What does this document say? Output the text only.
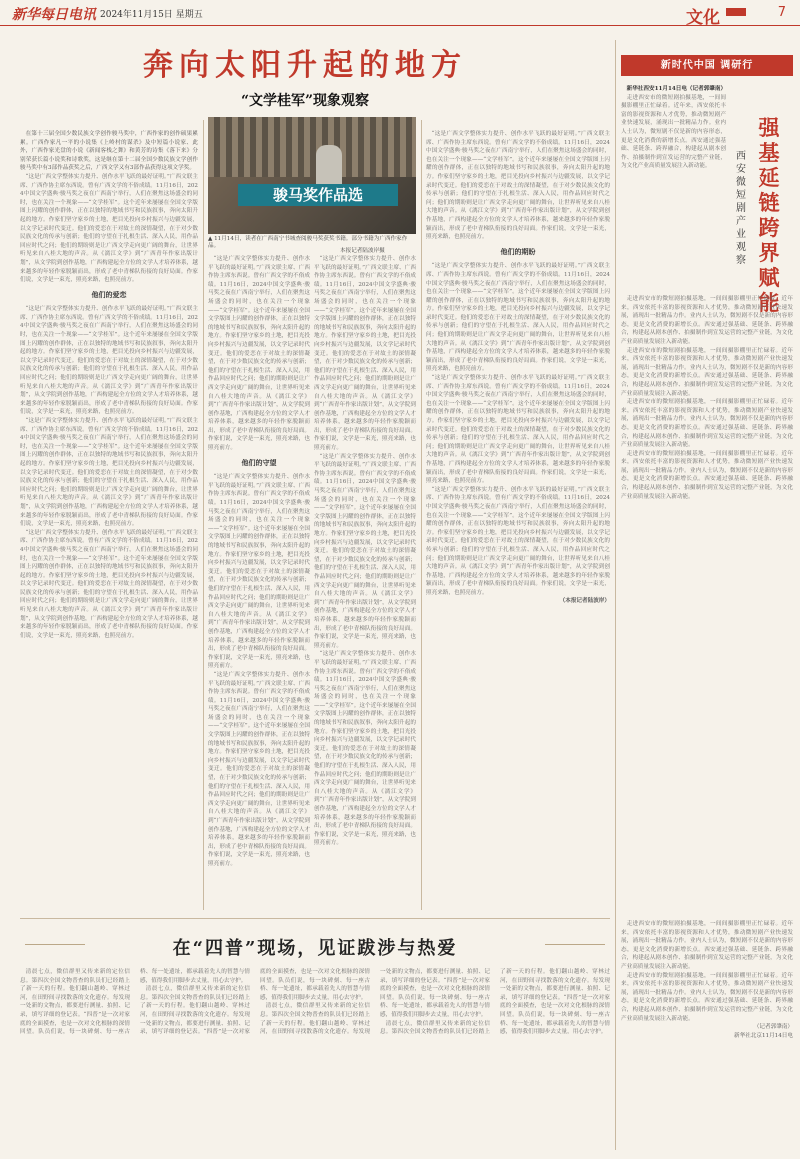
新华每日电讯 2024年11月15日 星期五	文化	7
奔向太阳升起的地方
“文学桂军”现象观察

在第十三届全国少数民族文学创作骏马奖中，广西作家的创作硕果累累。广西作家凡一平的小说集《上岭村的谋杀》及中短篇小说家、此外，广西作家光盘的小说《新闻客栈之舞》和黄芳的诗集《落下来》分别荣获长篇小说奖和诗歌奖，这是继在第十二届全国少数民族文学创作骏马奖中有3部作品获奖之后，广西文学又有3部作品获得这项文学奖。

“这是广西文学整体实力提升、创作水平飞跃的最好证明。”广西文联主席、广西作协主席东西说。曾有广西文学的不俗成绩。11月16日，2024中国文学盛典·骏马奖之夜在广西南宁举行，人们在聚焦这场盛会的同时，也在关注一个现象——“文学桂军”。这个近年来屡屡在全国文学版图上闪耀的创作群体，正在以独特的地域书写和民族叙事，奔向太阳升起的地方。作家们坚守家乡的土地，把目光投向乡村振兴与边疆发展，以文学记录时代变迁。他们的爱恋在于对故土的深情凝望，在于对少数民族文化的传承与创新；他们的守望在于扎根生活、深入人民，用作品回应时代之问；他们的期盼则是让广西文学走向更广阔的舞台，让世界听见来自八桂大地的声音。从《漓江文学》到“广西青年作家出版计划”，从文学院到创作基地，广西构建起全方位的文学人才培养体系，越来越多的年轻作家脱颖而出，形成了老中青梯队衔接的良好局面。作家们说，文学是一束光，照亮来路，也照亮前方。

他们的爱恋

“这是广西文学整体实力提升、创作水平飞跃的最好证明。”广西文联主席、广西作协主席东西说。曾有广西文学的不俗成绩。11月16日，2024中国文学盛典·骏马奖之夜在广西南宁举行，人们在聚焦这场盛会的同时，也在关注一个现象——“文学桂军”。这个近年来屡屡在全国文学版图上闪耀的创作群体，正在以独特的地域书写和民族叙事，奔向太阳升起的地方。作家们坚守家乡的土地，把目光投向乡村振兴与边疆发展，以文学记录时代变迁。他们的爱恋在于对故土的深情凝望，在于对少数民族文化的传承与创新；他们的守望在于扎根生活、深入人民，用作品回应时代之问；他们的期盼则是让广西文学走向更广阔的舞台，让世界听见来自八桂大地的声音。从《漓江文学》到“广西青年作家出版计划”，从文学院到创作基地，广西构建起全方位的文学人才培养体系，越来越多的年轻作家脱颖而出，形成了老中青梯队衔接的良好局面。作家们说，文学是一束光，照亮来路，也照亮前方。

“这是广西文学整体实力提升、创作水平飞跃的最好证明。”广西文联主席、广西作协主席东西说。曾有广西文学的不俗成绩。11月16日，2024中国文学盛典·骏马奖之夜在广西南宁举行，人们在聚焦这场盛会的同时，也在关注一个现象——“文学桂军”。这个近年来屡屡在全国文学版图上闪耀的创作群体，正在以独特的地域书写和民族叙事，奔向太阳升起的地方。作家们坚守家乡的土地，把目光投向乡村振兴与边疆发展，以文学记录时代变迁。他们的爱恋在于对故土的深情凝望，在于对少数民族文化的传承与创新；他们的守望在于扎根生活、深入人民，用作品回应时代之问；他们的期盼则是让广西文学走向更广阔的舞台，让世界听见来自八桂大地的声音。从《漓江文学》到“广西青年作家出版计划”，从文学院到创作基地，广西构建起全方位的文学人才培养体系，越来越多的年轻作家脱颖而出，形成了老中青梯队衔接的良好局面。作家们说，文学是一束光，照亮来路，也照亮前方。

“这是广西文学整体实力提升、创作水平飞跃的最好证明。”广西文联主席、广西作协主席东西说。曾有广西文学的不俗成绩。11月16日，2024中国文学盛典·骏马奖之夜在广西南宁举行，人们在聚焦这场盛会的同时，也在关注一个现象——“文学桂军”。这个近年来屡屡在全国文学版图上闪耀的创作群体，正在以独特的地域书写和民族叙事，奔向太阳升起的地方。作家们坚守家乡的土地，把目光投向乡村振兴与边疆发展，以文学记录时代变迁。他们的爱恋在于对故土的深情凝望，在于对少数民族文化的传承与创新；他们的守望在于扎根生活、深入人民，用作品回应时代之问；他们的期盼则是让广西文学走向更广阔的舞台，让世界听见来自八桂大地的声音。从《漓江文学》到“广西青年作家出版计划”，从文学院到创作基地，广西构建起全方位的文学人才培养体系，越来越多的年轻作家脱颖而出，形成了老中青梯队衔接的良好局面。作家们说，文学是一束光，照亮来路，也照亮前方。

骏马奖作品选
▲ 11月14日，读者在广西南宁书城查阅骏马奖获奖书籍。部分书籍为广西作家作品。
本报记者陆波岸摄

“这是广西文学整体实力提升、创作水平飞跃的最好证明。”广西文联主席、广西作协主席东西说。曾有广西文学的不俗成绩。11月16日，2024中国文学盛典·骏马奖之夜在广西南宁举行，人们在聚焦这场盛会的同时，也在关注一个现象——“文学桂军”。这个近年来屡屡在全国文学版图上闪耀的创作群体，正在以独特的地域书写和民族叙事，奔向太阳升起的地方。作家们坚守家乡的土地，把目光投向乡村振兴与边疆发展，以文学记录时代变迁。他们的爱恋在于对故土的深情凝望，在于对少数民族文化的传承与创新；他们的守望在于扎根生活、深入人民，用作品回应时代之问；他们的期盼则是让广西文学走向更广阔的舞台，让世界听见来自八桂大地的声音。从《漓江文学》到“广西青年作家出版计划”，从文学院到创作基地，广西构建起全方位的文学人才培养体系，越来越多的年轻作家脱颖而出，形成了老中青梯队衔接的良好局面。作家们说，文学是一束光，照亮来路，也照亮前方。

他们的守望

“这是广西文学整体实力提升、创作水平飞跃的最好证明。”广西文联主席、广西作协主席东西说。曾有广西文学的不俗成绩。11月16日，2024中国文学盛典·骏马奖之夜在广西南宁举行，人们在聚焦这场盛会的同时，也在关注一个现象——“文学桂军”。这个近年来屡屡在全国文学版图上闪耀的创作群体，正在以独特的地域书写和民族叙事，奔向太阳升起的地方。作家们坚守家乡的土地，把目光投向乡村振兴与边疆发展，以文学记录时代变迁。他们的爱恋在于对故土的深情凝望，在于对少数民族文化的传承与创新；他们的守望在于扎根生活、深入人民，用作品回应时代之问；他们的期盼则是让广西文学走向更广阔的舞台，让世界听见来自八桂大地的声音。从《漓江文学》到“广西青年作家出版计划”，从文学院到创作基地，广西构建起全方位的文学人才培养体系，越来越多的年轻作家脱颖而出，形成了老中青梯队衔接的良好局面。作家们说，文学是一束光，照亮来路，也照亮前方。

“这是广西文学整体实力提升、创作水平飞跃的最好证明。”广西文联主席、广西作协主席东西说。曾有广西文学的不俗成绩。11月16日，2024中国文学盛典·骏马奖之夜在广西南宁举行，人们在聚焦这场盛会的同时，也在关注一个现象——“文学桂军”。这个近年来屡屡在全国文学版图上闪耀的创作群体，正在以独特的地域书写和民族叙事，奔向太阳升起的地方。作家们坚守家乡的土地，把目光投向乡村振兴与边疆发展，以文学记录时代变迁。他们的爱恋在于对故土的深情凝望，在于对少数民族文化的传承与创新；他们的守望在于扎根生活、深入人民，用作品回应时代之问；他们的期盼则是让广西文学走向更广阔的舞台，让世界听见来自八桂大地的声音。从《漓江文学》到“广西青年作家出版计划”，从文学院到创作基地，广西构建起全方位的文学人才培养体系，越来越多的年轻作家脱颖而出，形成了老中青梯队衔接的良好局面。作家们说，文学是一束光，照亮来路，也照亮前方。

“这是广西文学整体实力提升、创作水平飞跃的最好证明。”广西文联主席、广西作协主席东西说。曾有广西文学的不俗成绩。11月16日，2024中国文学盛典·骏马奖之夜在广西南宁举行，人们在聚焦这场盛会的同时，也在关注一个现象——“文学桂军”。这个近年来屡屡在全国文学版图上闪耀的创作群体，正在以独特的地域书写和民族叙事，奔向太阳升起的地方。作家们坚守家乡的土地，把目光投向乡村振兴与边疆发展，以文学记录时代变迁。他们的爱恋在于对故土的深情凝望，在于对少数民族文化的传承与创新；他们的守望在于扎根生活、深入人民，用作品回应时代之问；他们的期盼则是让广西文学走向更广阔的舞台，让世界听见来自八桂大地的声音。从《漓江文学》到“广西青年作家出版计划”，从文学院到创作基地，广西构建起全方位的文学人才培养体系，越来越多的年轻作家脱颖而出，形成了老中青梯队衔接的良好局面。作家们说，文学是一束光，照亮来路，也照亮前方。

“这是广西文学整体实力提升、创作水平飞跃的最好证明。”广西文联主席、广西作协主席东西说。曾有广西文学的不俗成绩。11月16日，2024中国文学盛典·骏马奖之夜在广西南宁举行，人们在聚焦这场盛会的同时，也在关注一个现象——“文学桂军”。这个近年来屡屡在全国文学版图上闪耀的创作群体，正在以独特的地域书写和民族叙事，奔向太阳升起的地方。作家们坚守家乡的土地，把目光投向乡村振兴与边疆发展，以文学记录时代变迁。他们的爱恋在于对故土的深情凝望，在于对少数民族文化的传承与创新；他们的守望在于扎根生活、深入人民，用作品回应时代之问；他们的期盼则是让广西文学走向更广阔的舞台，让世界听见来自八桂大地的声音。从《漓江文学》到“广西青年作家出版计划”，从文学院到创作基地，广西构建起全方位的文学人才培养体系，越来越多的年轻作家脱颖而出，形成了老中青梯队衔接的良好局面。作家们说，文学是一束光，照亮来路，也照亮前方。

“这是广西文学整体实力提升、创作水平飞跃的最好证明。”广西文联主席、广西作协主席东西说。曾有广西文学的不俗成绩。11月16日，2024中国文学盛典·骏马奖之夜在广西南宁举行，人们在聚焦这场盛会的同时，也在关注一个现象——“文学桂军”。这个近年来屡屡在全国文学版图上闪耀的创作群体，正在以独特的地域书写和民族叙事，奔向太阳升起的地方。作家们坚守家乡的土地，把目光投向乡村振兴与边疆发展，以文学记录时代变迁。他们的爱恋在于对故土的深情凝望，在于对少数民族文化的传承与创新；他们的守望在于扎根生活、深入人民，用作品回应时代之问；他们的期盼则是让广西文学走向更广阔的舞台，让世界听见来自八桂大地的声音。从《漓江文学》到“广西青年作家出版计划”，从文学院到创作基地，广西构建起全方位的文学人才培养体系，越来越多的年轻作家脱颖而出，形成了老中青梯队衔接的良好局面。作家们说，文学是一束光，照亮来路，也照亮前方。

“这是广西文学整体实力提升、创作水平飞跃的最好证明。”广西文联主席、广西作协主席东西说。曾有广西文学的不俗成绩。11月16日，2024中国文学盛典·骏马奖之夜在广西南宁举行，人们在聚焦这场盛会的同时，也在关注一个现象——“文学桂军”。这个近年来屡屡在全国文学版图上闪耀的创作群体，正在以独特的地域书写和民族叙事，奔向太阳升起的地方。作家们坚守家乡的土地，把目光投向乡村振兴与边疆发展，以文学记录时代变迁。他们的爱恋在于对故土的深情凝望，在于对少数民族文化的传承与创新；他们的守望在于扎根生活、深入人民，用作品回应时代之问；他们的期盼则是让广西文学走向更广阔的舞台，让世界听见来自八桂大地的声音。从《漓江文学》到“广西青年作家出版计划”，从文学院到创作基地，广西构建起全方位的文学人才培养体系，越来越多的年轻作家脱颖而出，形成了老中青梯队衔接的良好局面。作家们说，文学是一束光，照亮来路，也照亮前方。

他们的期盼

“这是广西文学整体实力提升、创作水平飞跃的最好证明。”广西文联主席、广西作协主席东西说。曾有广西文学的不俗成绩。11月16日，2024中国文学盛典·骏马奖之夜在广西南宁举行，人们在聚焦这场盛会的同时，也在关注一个现象——“文学桂军”。这个近年来屡屡在全国文学版图上闪耀的创作群体，正在以独特的地域书写和民族叙事，奔向太阳升起的地方。作家们坚守家乡的土地，把目光投向乡村振兴与边疆发展，以文学记录时代变迁。他们的爱恋在于对故土的深情凝望，在于对少数民族文化的传承与创新；他们的守望在于扎根生活、深入人民，用作品回应时代之问；他们的期盼则是让广西文学走向更广阔的舞台，让世界听见来自八桂大地的声音。从《漓江文学》到“广西青年作家出版计划”，从文学院到创作基地，广西构建起全方位的文学人才培养体系，越来越多的年轻作家脱颖而出，形成了老中青梯队衔接的良好局面。作家们说，文学是一束光，照亮来路，也照亮前方。

“这是广西文学整体实力提升、创作水平飞跃的最好证明。”广西文联主席、广西作协主席东西说。曾有广西文学的不俗成绩。11月16日，2024中国文学盛典·骏马奖之夜在广西南宁举行，人们在聚焦这场盛会的同时，也在关注一个现象——“文学桂军”。这个近年来屡屡在全国文学版图上闪耀的创作群体，正在以独特的地域书写和民族叙事，奔向太阳升起的地方。作家们坚守家乡的土地，把目光投向乡村振兴与边疆发展，以文学记录时代变迁。他们的爱恋在于对故土的深情凝望，在于对少数民族文化的传承与创新；他们的守望在于扎根生活、深入人民，用作品回应时代之问；他们的期盼则是让广西文学走向更广阔的舞台，让世界听见来自八桂大地的声音。从《漓江文学》到“广西青年作家出版计划”，从文学院到创作基地，广西构建起全方位的文学人才培养体系，越来越多的年轻作家脱颖而出，形成了老中青梯队衔接的良好局面。作家们说，文学是一束光，照亮来路，也照亮前方。

“这是广西文学整体实力提升、创作水平飞跃的最好证明。”广西文联主席、广西作协主席东西说。曾有广西文学的不俗成绩。11月16日，2024中国文学盛典·骏马奖之夜在广西南宁举行，人们在聚焦这场盛会的同时，也在关注一个现象——“文学桂军”。这个近年来屡屡在全国文学版图上闪耀的创作群体，正在以独特的地域书写和民族叙事，奔向太阳升起的地方。作家们坚守家乡的土地，把目光投向乡村振兴与边疆发展，以文学记录时代变迁。他们的爱恋在于对故土的深情凝望，在于对少数民族文化的传承与创新；他们的守望在于扎根生活、深入人民，用作品回应时代之问；他们的期盼则是让广西文学走向更广阔的舞台，让世界听见来自八桂大地的声音。从《漓江文学》到“广西青年作家出版计划”，从文学院到创作基地，广西构建起全方位的文学人才培养体系，越来越多的年轻作家脱颖而出，形成了老中青梯队衔接的良好局面。作家们说，文学是一束光，照亮来路，也照亮前方。

（本报记者陆波岸）

新时代中国 调研行
强基延链 跨界赋能
西安微短剧产业观察

新华社西安11月14日电（记者郭肇南）

走进西安市的微短剧拍摄基地，一间间摄影棚里正忙碌着。近年来，西安依托丰富的影视资源和人才优势，推动微短剧产业快速发展，涌现出一批精品力作。业内人士认为，微短剧不仅是新的内容形态，更是文化消费的新增长点。西安通过强基础、延链条、跨界融合，构建起从剧本创作、拍摄制作到宣发运营的完整产业链，为文化产业高质量发展注入新动能。

走进西安市的微短剧拍摄基地，一间间摄影棚里正忙碌着。近年来，西安依托丰富的影视资源和人才优势，推动微短剧产业快速发展，涌现出一批精品力作。业内人士认为，微短剧不仅是新的内容形态，更是文化消费的新增长点。西安通过强基础、延链条、跨界融合，构建起从剧本创作、拍摄制作到宣发运营的完整产业链，为文化产业高质量发展注入新动能。

走进西安市的微短剧拍摄基地，一间间摄影棚里正忙碌着。近年来，西安依托丰富的影视资源和人才优势，推动微短剧产业快速发展，涌现出一批精品力作。业内人士认为，微短剧不仅是新的内容形态，更是文化消费的新增长点。西安通过强基础、延链条、跨界融合，构建起从剧本创作、拍摄制作到宣发运营的完整产业链，为文化产业高质量发展注入新动能。

走进西安市的微短剧拍摄基地，一间间摄影棚里正忙碌着。近年来，西安依托丰富的影视资源和人才优势，推动微短剧产业快速发展，涌现出一批精品力作。业内人士认为，微短剧不仅是新的内容形态，更是文化消费的新增长点。西安通过强基础、延链条、跨界融合，构建起从剧本创作、拍摄制作到宣发运营的完整产业链，为文化产业高质量发展注入新动能。

走进西安市的微短剧拍摄基地，一间间摄影棚里正忙碌着。近年来，西安依托丰富的影视资源和人才优势，推动微短剧产业快速发展，涌现出一批精品力作。业内人士认为，微短剧不仅是新的内容形态，更是文化消费的新增长点。西安通过强基础、延链条、跨界融合，构建起从剧本创作、拍摄制作到宣发运营的完整产业链，为文化产业高质量发展注入新动能。

在“四普”现场，见证跋涉与热爱

清晨七点，微信群里又传来新的定位信息。第四次全国文物普查的队员们已经踏上了新一天的行程。他们翻山越岭、穿林过河，在田野间寻找散落的文化遗存。每发现一处新的文物点，都要进行测量、拍照、记录，填写详细的登记表。“四普”是一次对家底的全面摸查，也是一次对文化根脉的深情回望。队员们说，每一块碑刻、每一座古桥、每一处遗址，都承载着先人的智慧与情感，值得我们用脚步去丈量，用心去守护。

清晨七点，微信群里又传来新的定位信息。第四次全国文物普查的队员们已经踏上了新一天的行程。他们翻山越岭、穿林过河，在田野间寻找散落的文化遗存。每发现一处新的文物点，都要进行测量、拍照、记录，填写详细的登记表。“四普”是一次对家底的全面摸查，也是一次对文化根脉的深情回望。队员们说，每一块碑刻、每一座古桥、每一处遗址，都承载着先人的智慧与情感，值得我们用脚步去丈量，用心去守护。

清晨七点，微信群里又传来新的定位信息。第四次全国文物普查的队员们已经踏上了新一天的行程。他们翻山越岭、穿林过河，在田野间寻找散落的文化遗存。每发现一处新的文物点，都要进行测量、拍照、记录，填写详细的登记表。“四普”是一次对家底的全面摸查，也是一次对文化根脉的深情回望。队员们说，每一块碑刻、每一座古桥、每一处遗址，都承载着先人的智慧与情感，值得我们用脚步去丈量，用心去守护。

清晨七点，微信群里又传来新的定位信息。第四次全国文物普查的队员们已经踏上了新一天的行程。他们翻山越岭、穿林过河，在田野间寻找散落的文化遗存。每发现一处新的文物点，都要进行测量、拍照、记录，填写详细的登记表。“四普”是一次对家底的全面摸查，也是一次对文化根脉的深情回望。队员们说，每一块碑刻、每一座古桥、每一处遗址，都承载着先人的智慧与情感，值得我们用脚步去丈量，用心去守护。

走进西安市的微短剧拍摄基地，一间间摄影棚里正忙碌着。近年来，西安依托丰富的影视资源和人才优势，推动微短剧产业快速发展，涌现出一批精品力作。业内人士认为，微短剧不仅是新的内容形态，更是文化消费的新增长点。西安通过强基础、延链条、跨界融合，构建起从剧本创作、拍摄制作到宣发运营的完整产业链，为文化产业高质量发展注入新动能。

走进西安市的微短剧拍摄基地，一间间摄影棚里正忙碌着。近年来，西安依托丰富的影视资源和人才优势，推动微短剧产业快速发展，涌现出一批精品力作。业内人士认为，微短剧不仅是新的内容形态，更是文化消费的新增长点。西安通过强基础、延链条、跨界融合，构建起从剧本创作、拍摄制作到宣发运营的完整产业链，为文化产业高质量发展注入新动能。

（记者郭肇南）

新华社北京11月14日电
